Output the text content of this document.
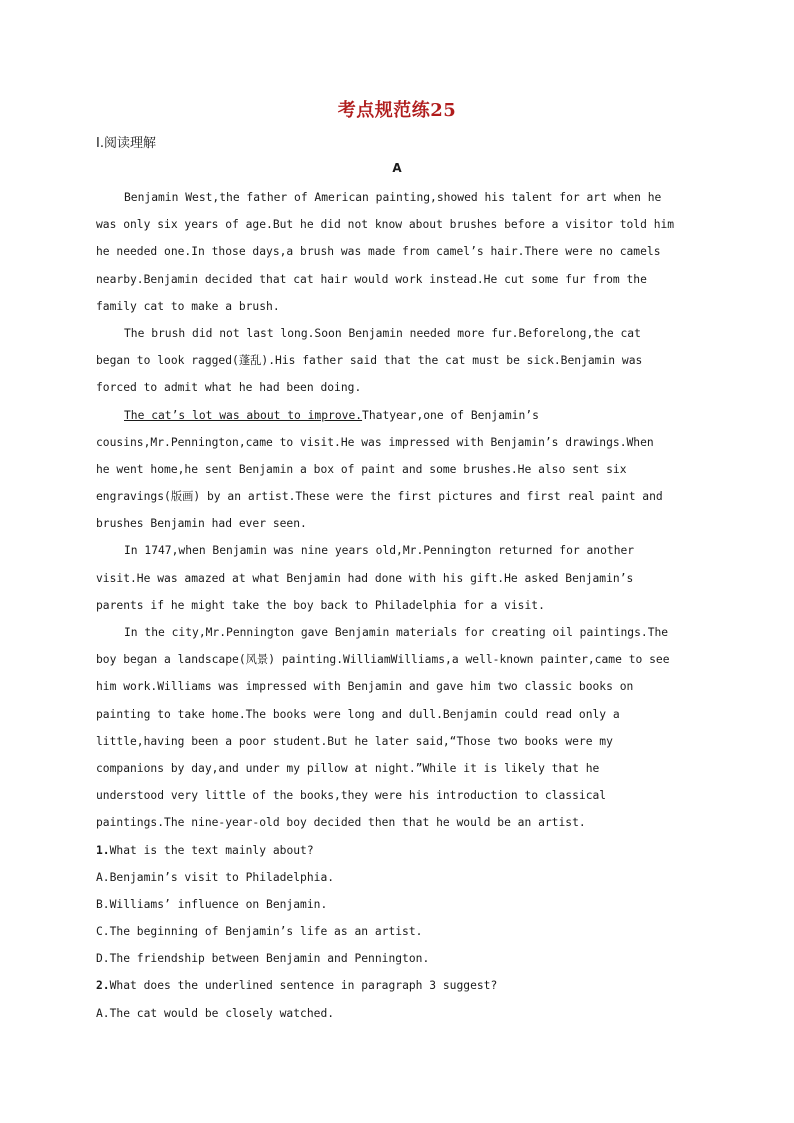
考点规范练25
Ⅰ.阅读理解
A
Benjamin West,the father of American painting,showed his talent for art when he
was only six years of age.But he did not know about brushes before a visitor told him
he needed one.In those days,a brush was made from camel’s hair.There were no camels
nearby.Benjamin decided that cat hair would work instead.He cut some fur from the
family cat to make a brush.
The brush did not last long.Soon Benjamin needed more fur.Beforelong,the cat
began to look ragged(蓬乱).His father said that the cat must be sick.Benjamin was
forced to admit what he had been doing.
The cat’s lot was about to improve.Thatyear,one of Benjamin’s
cousins,Mr.Pennington,came to visit.He was impressed with Benjamin’s drawings.When
he went home,he sent Benjamin a box of paint and some brushes.He also sent six
engravings(版画) by an artist.These were the first pictures and first real paint and
brushes Benjamin had ever seen.
In 1747,when Benjamin was nine years old,Mr.Pennington returned for another
visit.He was amazed at what Benjamin had done with his gift.He asked Benjamin’s
parents if he might take the boy back to Philadelphia for a visit.
In the city,Mr.Pennington gave Benjamin materials for creating oil paintings.The
boy began a landscape(风景) painting.WilliamWilliams,a well-known painter,came to see
him work.Williams was impressed with Benjamin and gave him two classic books on
painting to take home.The books were long and dull.Benjamin could read only a
little,having been a poor student.But he later said,“Those two books were my
companions by day,and under my pillow at night.”While it is likely that he
understood very little of the books,they were his introduction to classical
paintings.The nine-year-old boy decided then that he would be an artist.
1.What is the text mainly about?
A.Benjamin’s visit to Philadelphia.
B.Williams’ influence on Benjamin.
C.The beginning of Benjamin’s life as an artist.
D.The friendship between Benjamin and Pennington.
2.What does the underlined sentence in paragraph 3 suggest?
A.The cat would be closely watched.
